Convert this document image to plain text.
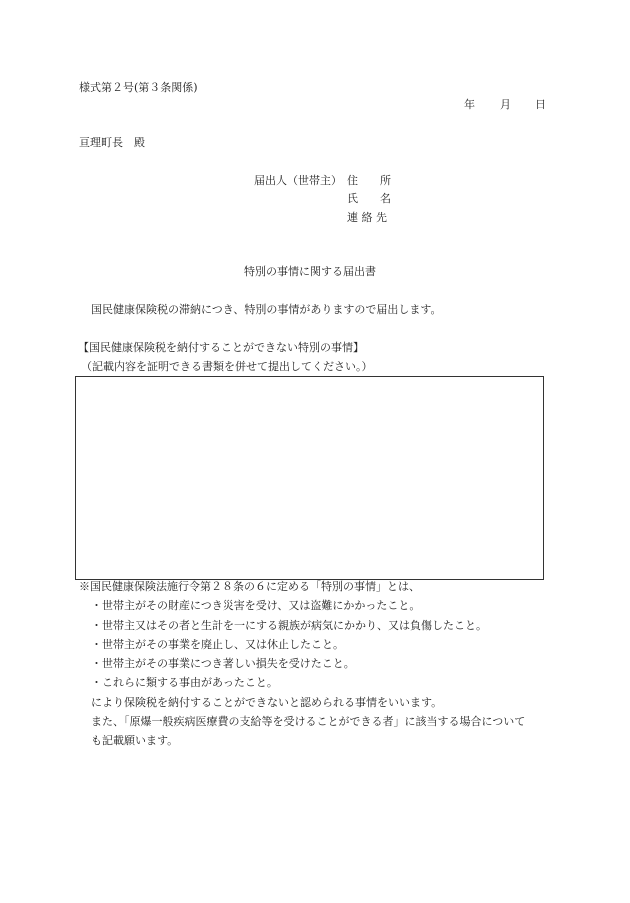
様式第２号(第３条関係)
年 月 日
亘理町長　殿
届出人（世帯主） 住　　所
氏　　名
連 絡 先
特別の事情に関する届出書
国民健康保険税の滞納につき、特別の事情がありますので届出します。
【国民健康保険税を納付することができない特別の事情】
（記載内容を証明できる書類を併せて提出してください。）
※国民健康保険法施行令第２８条の６に定める「特別の事情」とは、
・世帯主がその財産につき災害を受け、又は盗難にかかったこと。
・世帯主又はその者と生計を一にする親族が病気にかかり、又は負傷したこと。
・世帯主がその事業を廃止し、又は休止したこと。
・世帯主がその事業につき著しい損失を受けたこと。
・これらに類する事由があったこと。
により保険税を納付することができないと認められる事情をいいます。
また、「原爆一般疾病医療費の支給等を受けることができる者」に該当する場合について
も記載願います。
